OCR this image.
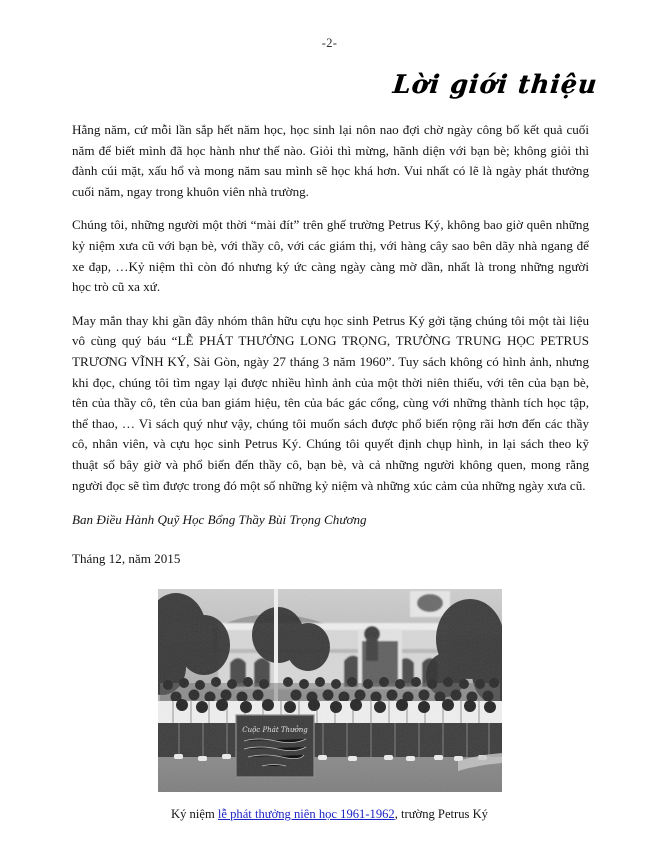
-2-
Lời giới thiệu

Hằng năm, cứ mỗi lần sắp hết năm học, học sinh lại nôn nao đợi chờ ngày công bố kết quả cuối năm để biết mình đã học hành như thế nào. Giỏi thì mừng, hãnh diện với bạn bè; không giỏi thì đành cúi mặt, xấu hổ và mong năm sau mình sẽ học khá hơn. Vui nhất có lẽ là ngày phát thưởng cuối năm, ngay trong khuôn viên nhà trường.

Chúng tôi, những người một thời “mài đít” trên ghế trường Petrus Ký, không bao giờ quên những kỷ niệm xưa cũ với bạn bè, với thầy cô, với các giám thị, với hàng cây sao bên dãy nhà ngang để xe đạp, …Kỷ niệm thì còn đó nhưng ký ức càng ngày càng mờ dần, nhất là trong những người học trò cũ xa xứ.

May mắn thay khi gần đây nhóm thân hữu cựu học sinh Petrus Ký gởi tặng chúng tôi một tài liệu vô cùng quý báu “LỄ PHÁT THƯỞNG LONG TRỌNG, TRƯỜNG TRUNG HỌC PETRUS TRƯƠNG VĨNH KÝ, Sài Gòn, ngày 27 tháng 3 năm 1960”. Tuy sách không có hình ảnh, nhưng khi đọc, chúng tôi tìm ngay lại được nhiều hình ảnh của một thời niên thiếu, với tên của bạn bè, tên của thầy cô, tên của ban giám hiệu, tên của bác gác cổng, cùng với những thành tích học tập, thể thao, … Vì sách quý như vậy, chúng tôi muốn sách được phổ biến rộng rãi hơn đến các thầy cô, nhân viên, và cựu học sinh Petrus Ký. Chúng tôi quyết định chụp hình, in lại sách theo kỹ thuật số bây giờ và phổ biến đến thầy cô, bạn bè, và cả những người không quen, mong rằng người đọc sẽ tìm được trong đó một số những kỷ niệm và những xúc cảm của những ngày xưa cũ.

Ban Điều Hành Quỹ Học Bổng Thầy Bùi Trọng Chương

Tháng 12, năm 2015

Ký niệm lễ phát thưởng niên học 1961-1962, trường Petrus Ký
